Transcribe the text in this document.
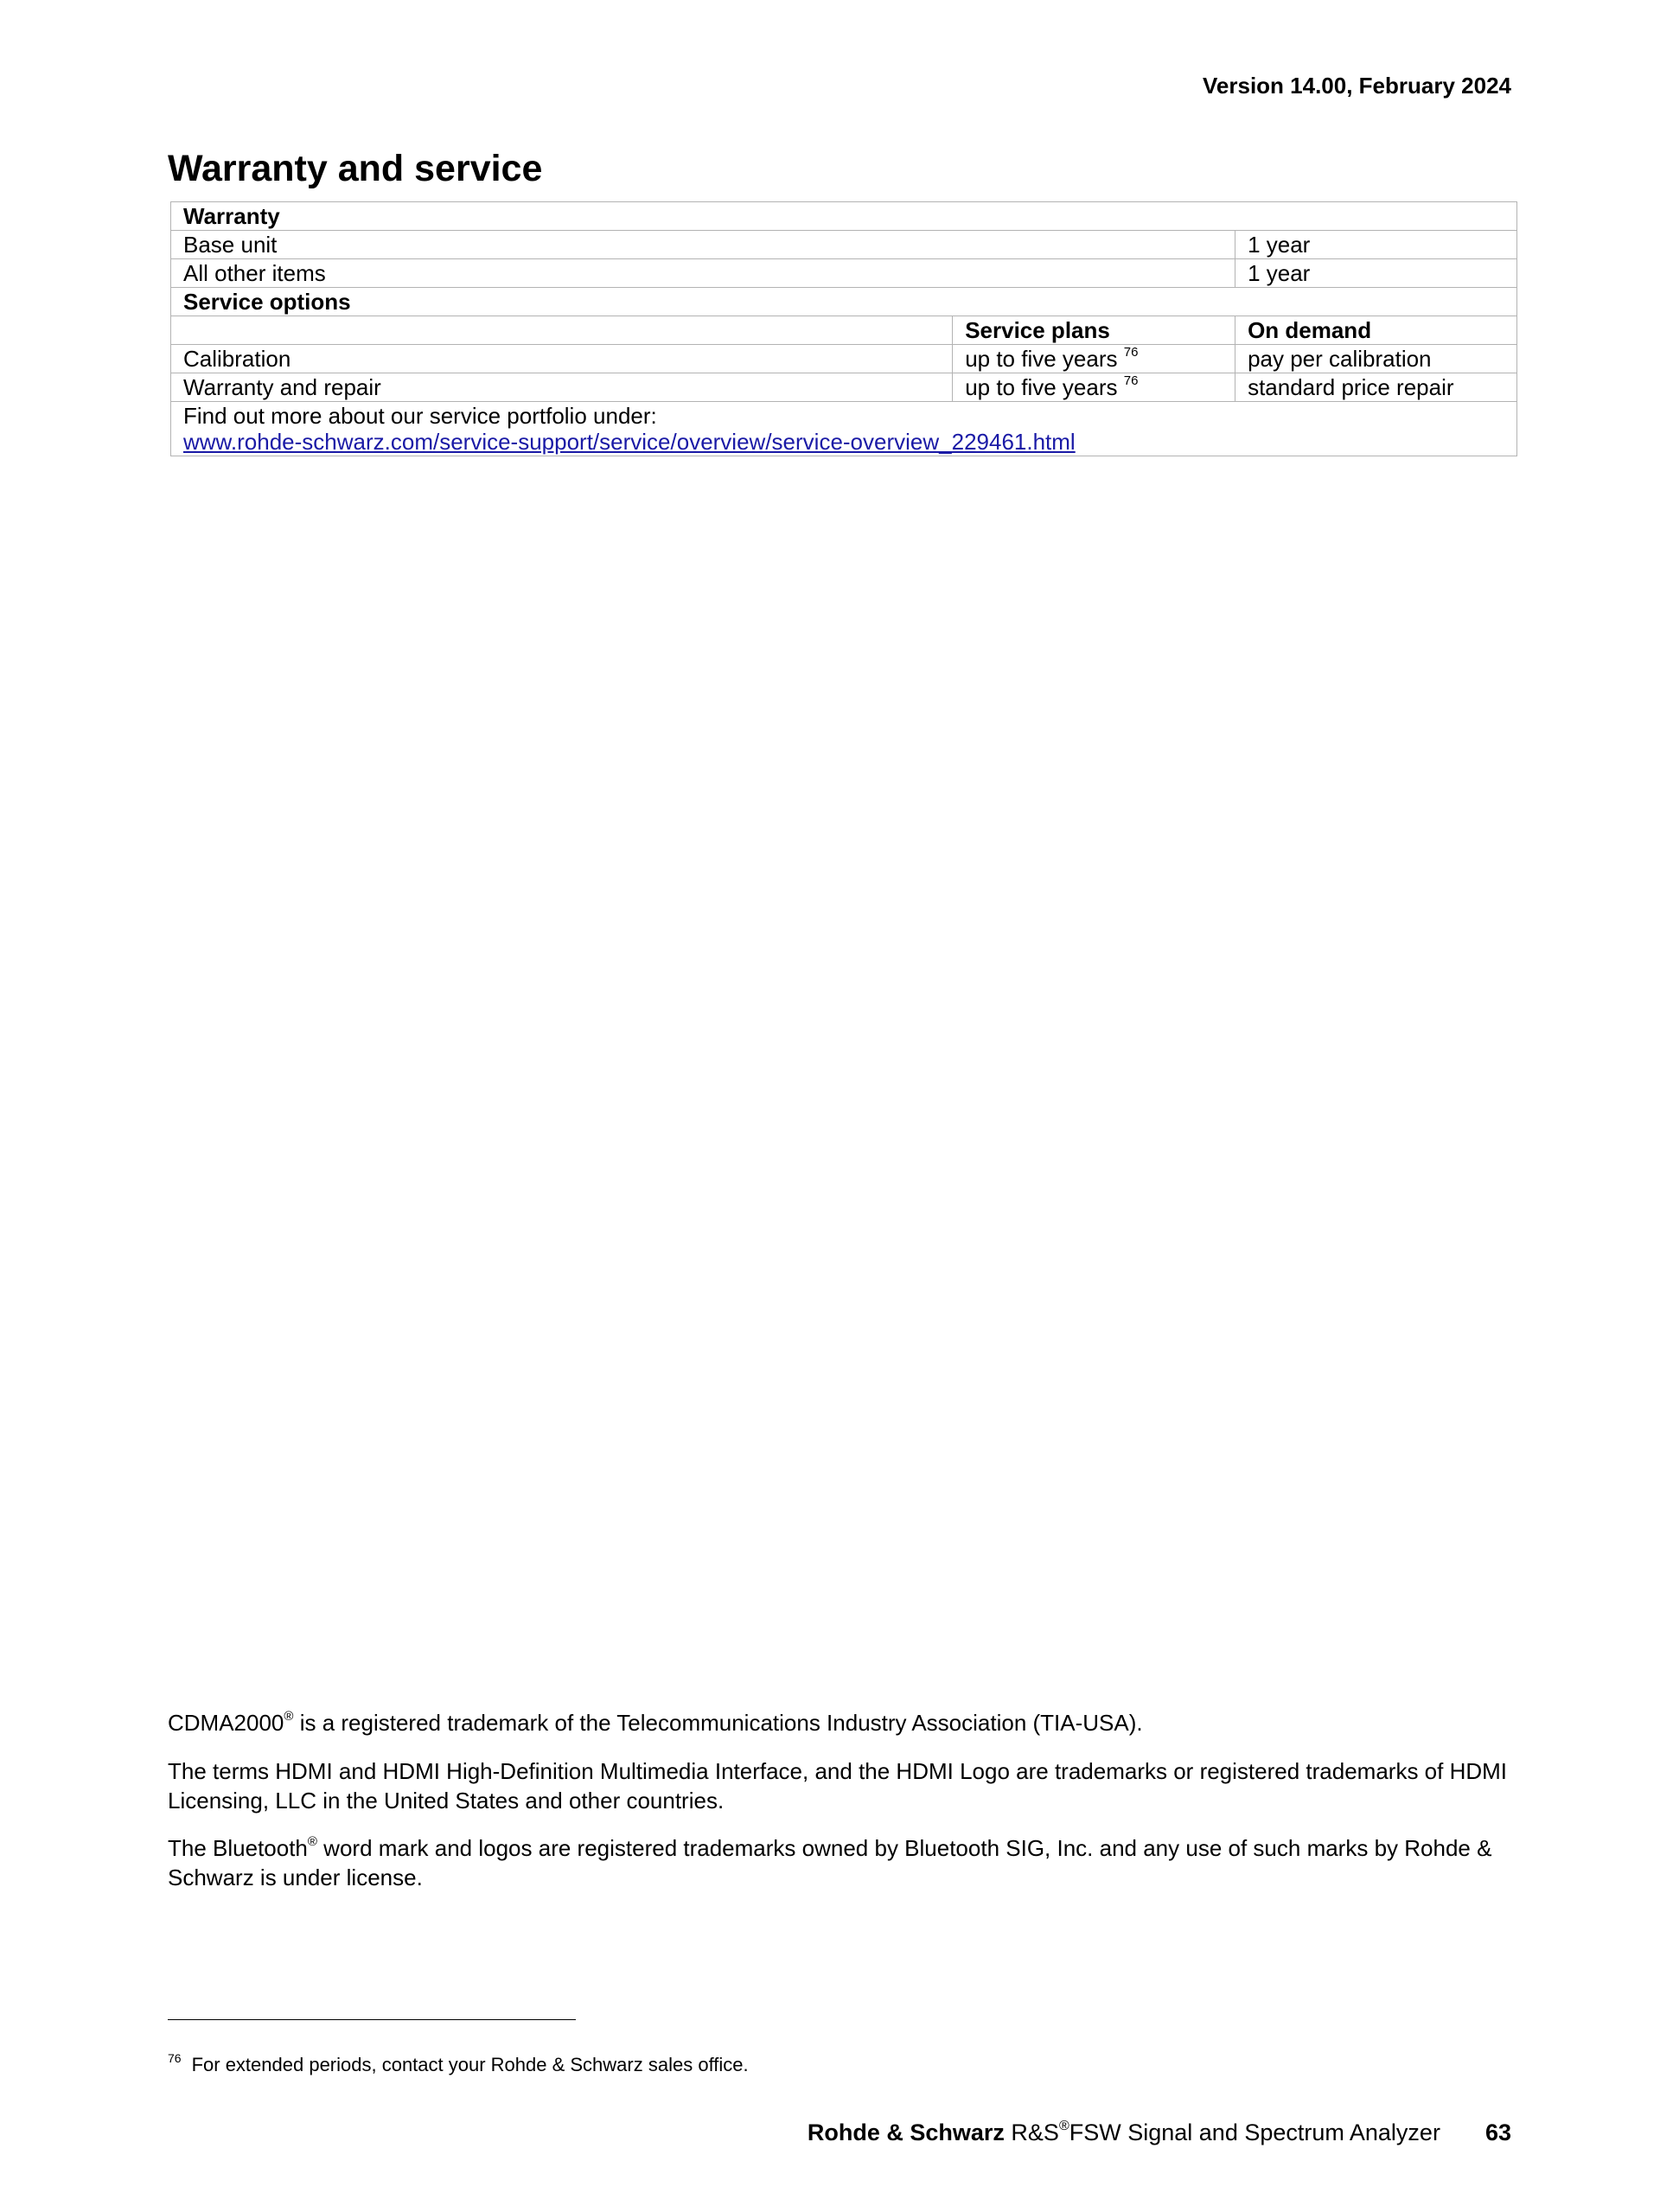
Version 14.00, February 2024
Warranty and service
Warranty		
Base unit		1 year
All other items		1 year
Service options		
	Service plans	On demand
Calibration	up to five years $^{76}$	pay per calibration
Warranty and repair	up to five years $^{76}$	standard price repair

Find out more about our service portfolio under:
www.rohde-schwarz.com/service-support/service/overview/service-overview_229461.html		

CDMA2000® is a registered trademark of the Telecommunications Industry Association (TIA-USA).

The terms HDMI and HDMI High-Definition Multimedia Interface, and the HDMI Logo are trademarks or registered trademarks of HDMI Licensing, LLC in the United States and other countries.

The Bluetooth® word mark and logos are registered trademarks owned by Bluetooth SIG, Inc. and any use of such marks by Rohde & Schwarz is under license.

$^{76}$ For extended periods, contact your Rohde & Schwarz sales office.
Rohde & Schwarz R&S®FSW Signal and Spectrum Analyzer 63
